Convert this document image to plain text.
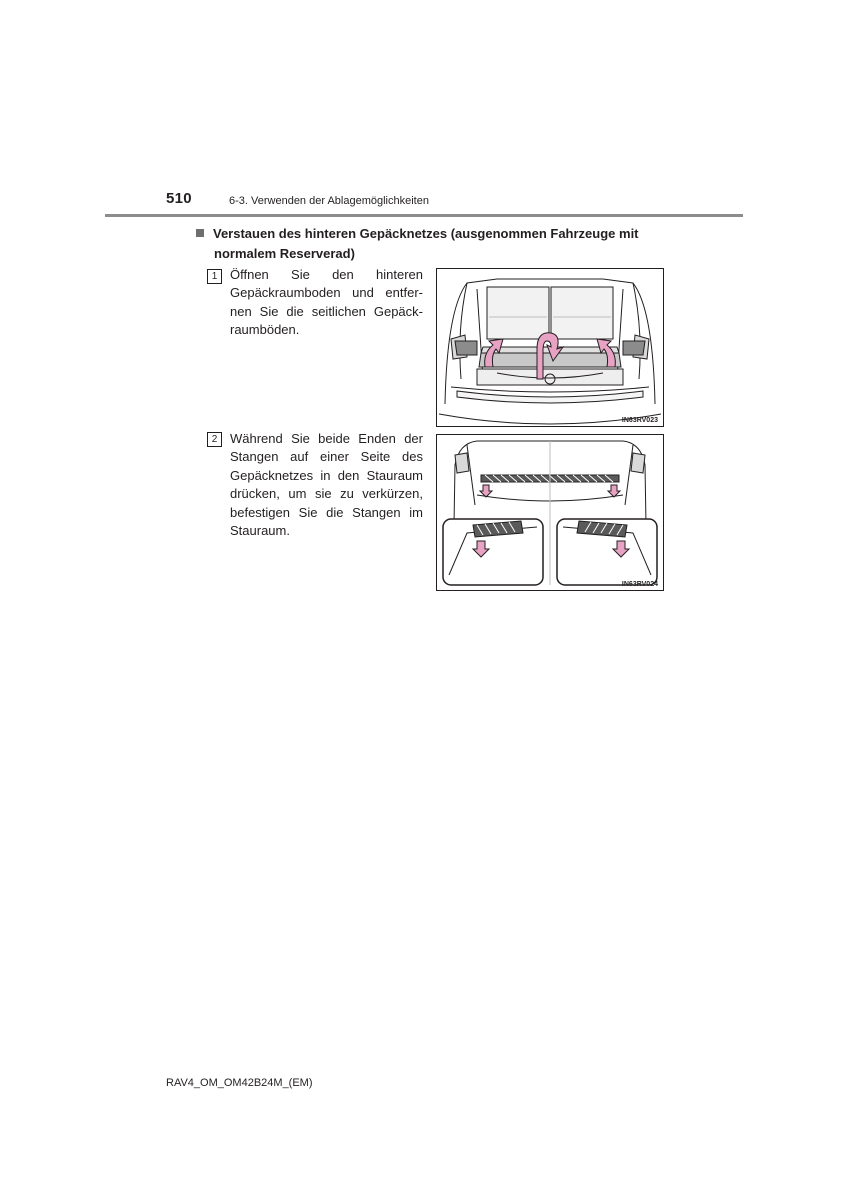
510	6-3. Verwenden der Ablagemöglichkeiten
Verstauen des hinteren Gepäcknetzes (ausgenommen Fahrzeuge mit
normalem Reserverad)
1 Öffnen Sie den hinteren
Gepäckraumboden und entfer-
nen Sie die seitlichen Gepäck-
raumböden.
IN63RV023
2 Während Sie beide Enden der
Stangen auf einer Seite des
Gepäcknetzes in den Stauraum
drücken, um sie zu verkürzen,
befestigen Sie die Stangen im
Stauraum.
IN63RV024
RAV4_OM_OM42B24M_(EM)
